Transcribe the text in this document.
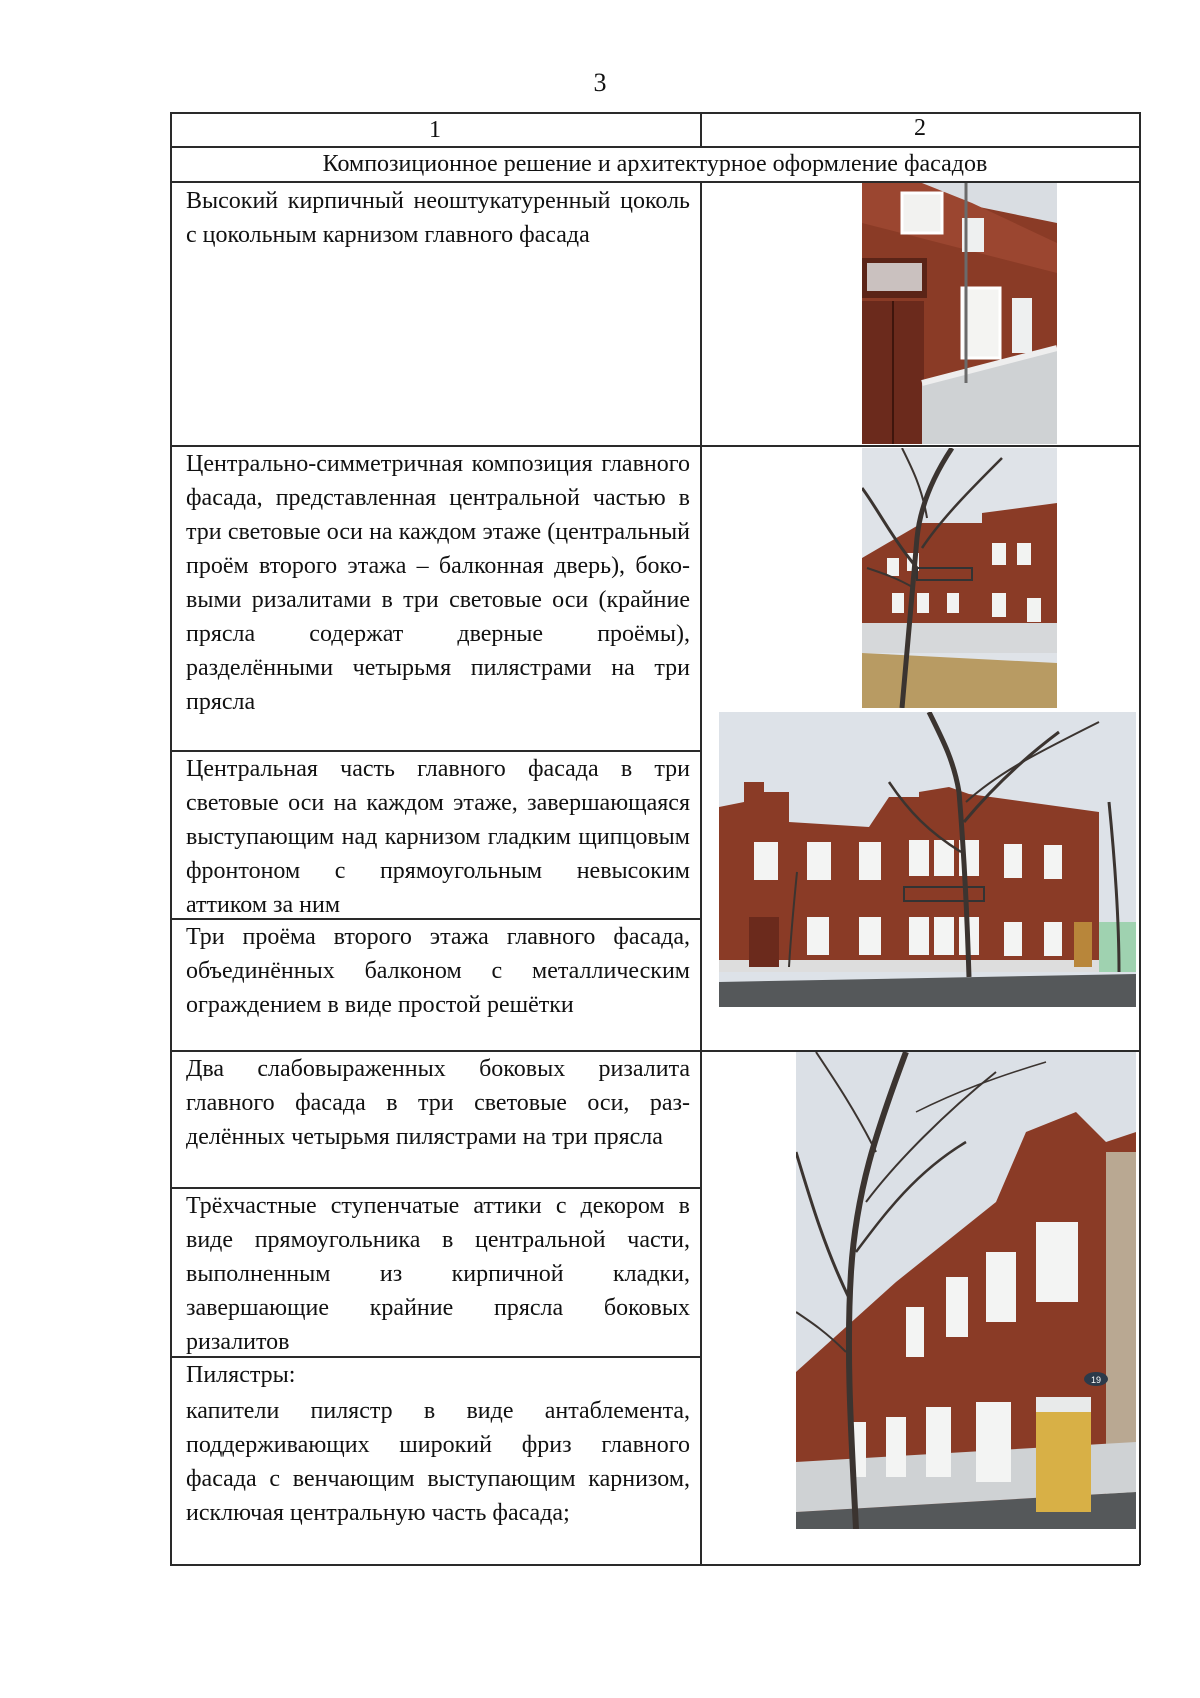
3
1	2
Композиционное решение и архитектурное оформление фасадов

Высокий кирпичный неоштукатуренный цоколь с цокольным карнизом главного фасада

Центрально-симметричная композиция главного фасада, представленная центральной частью в три световые оси на каждом этаже (центральный проём второго этажа – балконная дверь), боковыми ризалитами в три световые оси (крайние прясла содержат дверные проёмы), разделёнными четырьмя пилястрами на три прясла

Центральная часть главного фасада в три световые оси на каждом этаже, завершающаяся выступающим над карнизом гладким щипцовым фронтоном с прямоугольным невысоким аттиком за ним

Три проёма второго этажа главного фасада, объединённых балконом с металлическим ограждением в виде простой решётки

Два слабовыраженных боковых ризалита главного фасада в три световые оси, разделённых четырьмя пилястрами на три прясла

Трёхчастные ступенчатые аттики с декором в виде прямоугольника в центральной части, выполненным из кирпичной кладки, завершающие крайние прясла боковых ризалитов

Пилястры:

капители пилястр в виде антаблемента, поддерживающих широкий фриз главного фасада с венчающим выступающим карнизом, исключая центральную часть фасада;

19
